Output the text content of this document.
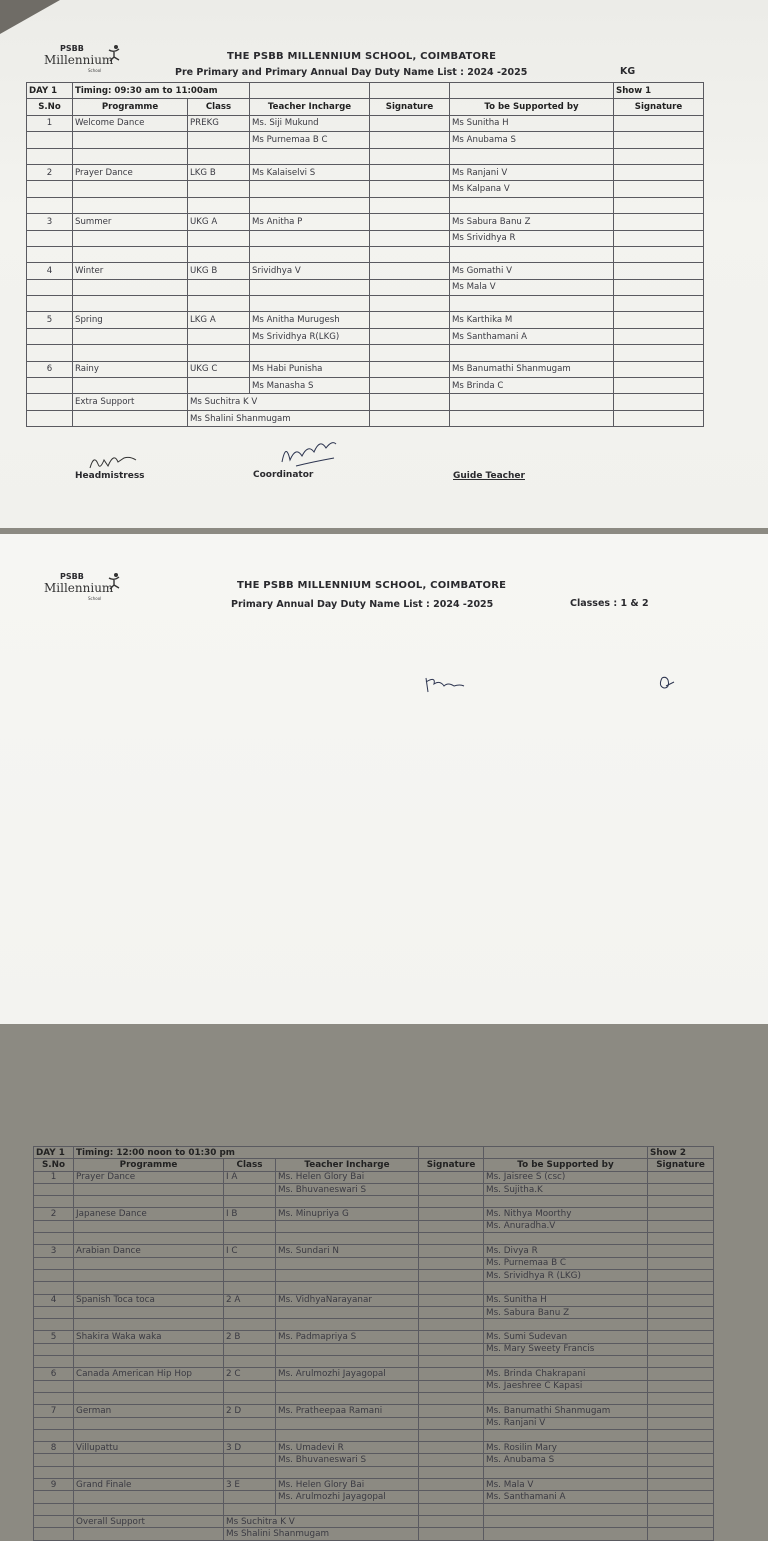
PSBB
Millennium
School
THE PSBB MILLENNIUM SCHOOL, COIMBATORE
Pre Primary and Primary Annual Day Duty Name List : 2024 -2025	KG
DAY 1	Timing: 09:30 am to 11:00am					Show 1
S.No	Programme	Class	Teacher Incharge	Signature	To be Supported by	Signature
1	Welcome Dance	PREKG	Ms. Siji Mukund		Ms Sunitha H	
			Ms Purnemaa B C		Ms Anubama S	

2	Prayer Dance	LKG B	Ms Kalaiselvi S		Ms Ranjani V	
					Ms Kalpana V	

3	Summer	UKG A	Ms Anitha P		Ms Sabura Banu Z	
					Ms Srividhya R	

4	Winter	UKG B	Srividhya V		Ms Gomathi V	
					Ms Mala V	

5	Spring	LKG A	Ms Anitha Murugesh		Ms Karthika M	
			Ms Srividhya R(LKG)		Ms Santhamani A	

6	Rainy	UKG C	Ms Habi Punisha		Ms Banumathi Shanmugam	
			Ms Manasha S		Ms Brinda C	
	Extra Support	Ms Suchitra K V				
		Ms Shalini Shanmugam				
Headmistress	Coordinator	Guide Teacher
PSBB
Millennium
School
THE PSBB MILLENNIUM SCHOOL, COIMBATORE
Primary Annual Day Duty Name List : 2024 -2025	Classes : 1 & 2
DAY 1	Timing: 12:00 noon to 01:30 pm					Show 2
S.No	Programme	Class	Teacher Incharge	Signature	To be Supported by	Signature
1	Prayer Dance	I A	Ms. Helen Glory Bai		Ms. Jaisree S (csc)	
			Ms. Bhuvaneswari S		Ms. Sujitha.K	

2	Japanese Dance	I B	Ms. Minupriya G		Ms. Nithya Moorthy	
					Ms. Anuradha.V	

3	Arabian Dance	I C	Ms. Sundari N		Ms. Divya R	
					Ms. Purnemaa B C	
					Ms. Srividhya R (LKG)	

4	Spanish Toca toca	2 A	Ms. VidhyaNarayanar		Ms. Sunitha H	
					Ms. Sabura Banu Z	

5	Shakira Waka waka	2 B	Ms. Padmapriya S		Ms. Sumi Sudevan	
					Ms. Mary Sweety Francis	

6	Canada American Hip Hop	2 C	Ms. Arulmozhi Jayagopal		Ms. Brinda Chakrapani	
					Ms. Jaeshree C Kapasi	

7	German	2 D	Ms. Pratheepaa Ramani		Ms. Banumathi Shanmugam	
					Ms. Ranjani V	

8	Villupattu	3 D	Ms. Umadevi R		Ms. Rosilin Mary	
			Ms. Bhuvaneswari S		Ms. Anubama S	

9	Grand Finale	3 E	Ms. Helen Glory Bai		Ms. Mala V	
			Ms. Arulmozhi Jayagopal		Ms. Santhamani A	

	Overall Support	Ms Suchitra K V				
		Ms Shalini Shanmugam				
